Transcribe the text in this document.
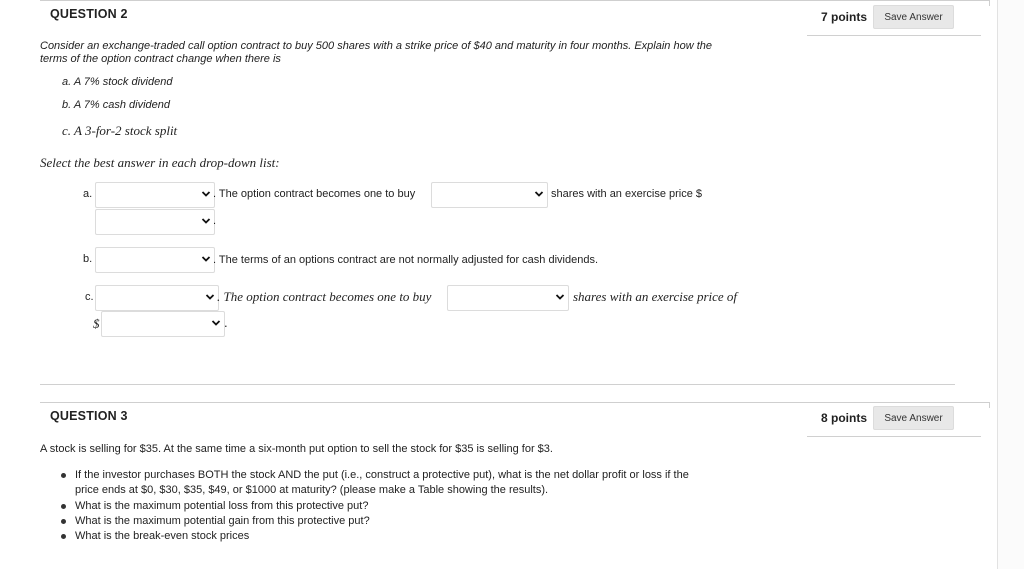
QUESTION 2	7 points	Save Answer
Consider an exchange-traded call option contract to buy 500 shares with a strike price of $40 and maturity in four months. Explain how the
terms of the option contract change when there is
a. A 7% stock dividend
b. A 7% cash dividend
c. A 3-for-2 stock split
Select the best answer in each drop-down list:
a.	. The option contract becomes one to buy	shares with an exercise price $
.
b.	. The terms of an options contract are not normally adjusted for cash dividends.
c.	. The option contract becomes one to buy	shares with an exercise price of
$	.
QUESTION 3	8 points	Save Answer
A stock is selling for $35. At the same time a six-month put option to sell the stock for $35 is selling for $3.
If the investor purchases BOTH the stock AND the put (i.e., construct a protective put), what is the net dollar profit or loss if the
price ends at $0, $30, $35, $49, or $1000 at maturity? (please make a Table showing the results).
What is the maximum potential loss from this protective put?
What is the maximum potential gain from this protective put?
What is the break-even stock prices
